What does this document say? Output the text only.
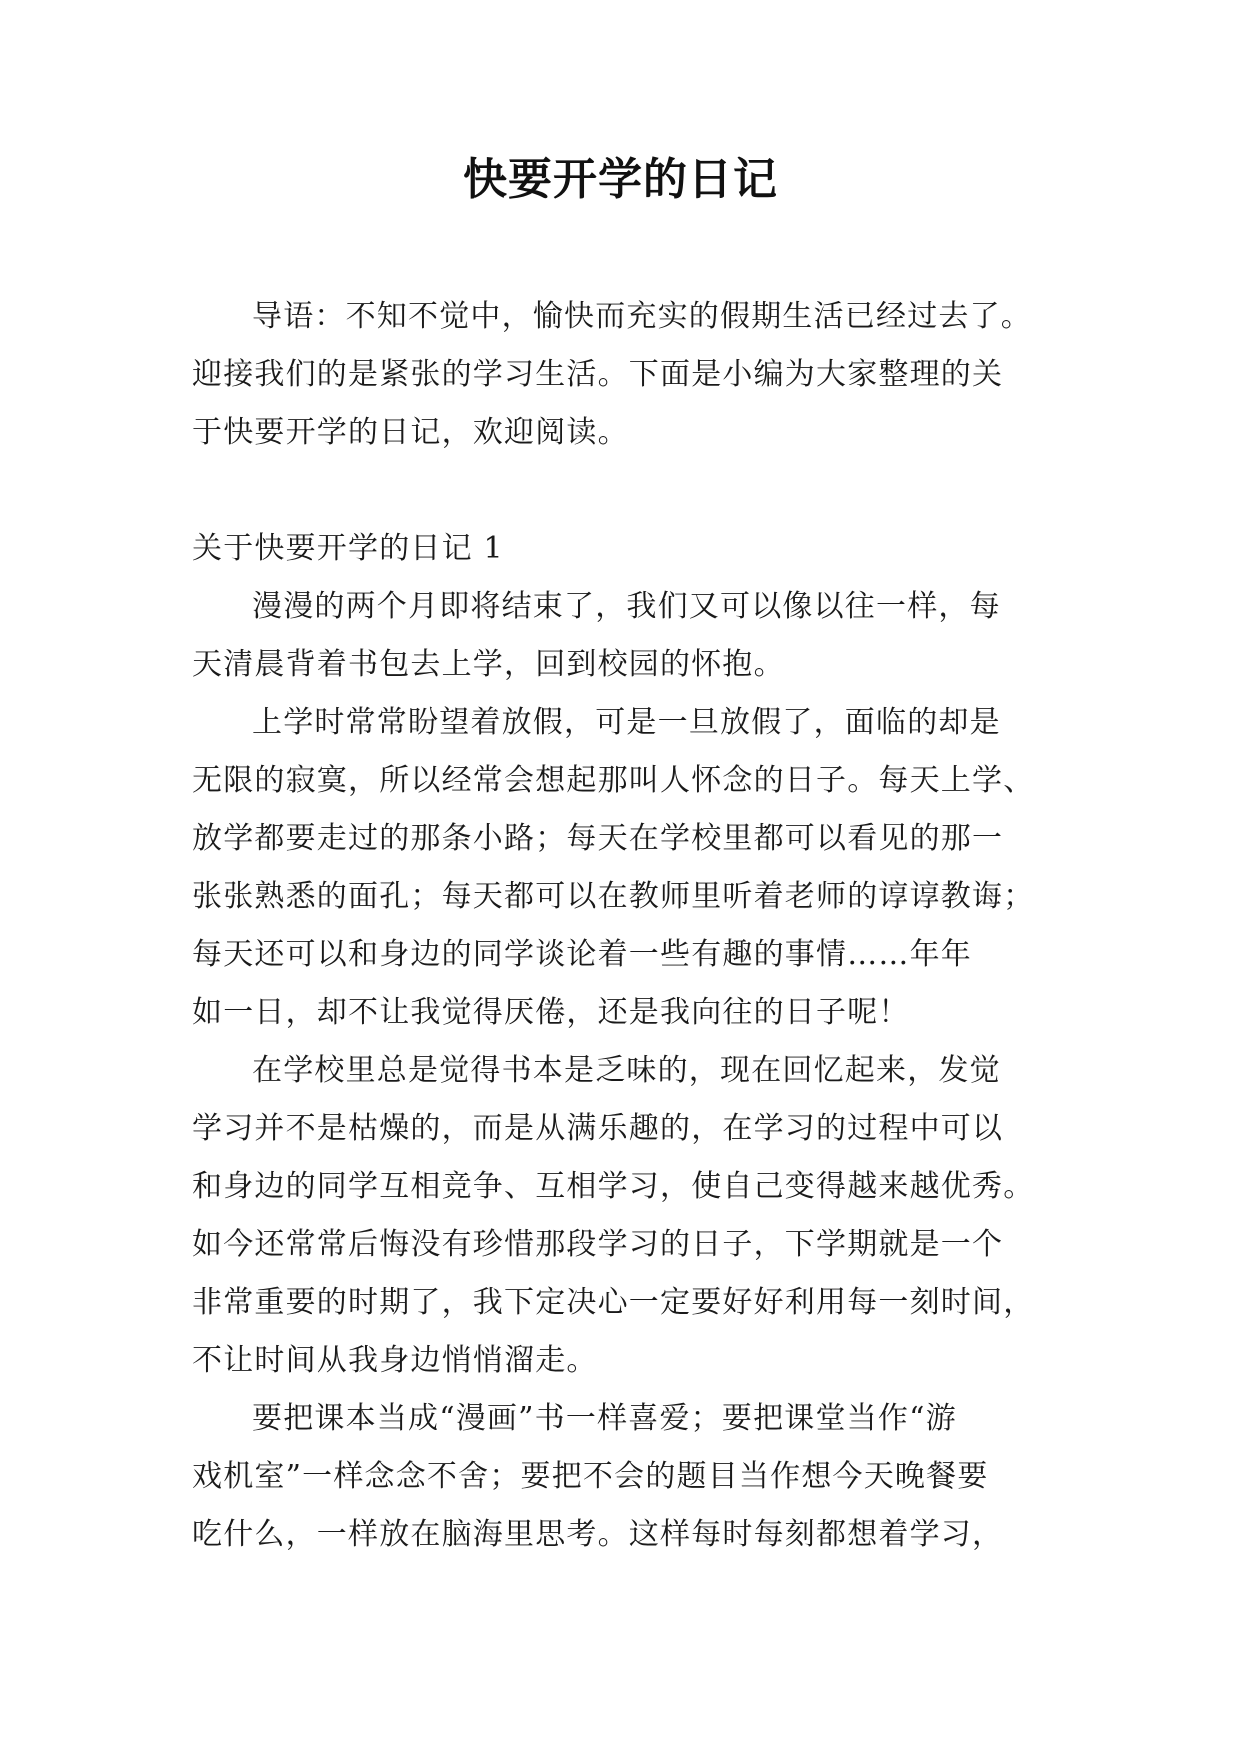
快要开学的日记

导语：不知不觉中，愉快而充实的假期生活已经过去了。
迎接我们的是紧张的学习生活。下面是小编为大家整理的关
于快要开学的日记，欢迎阅读。

关于快要开学的日记 1

漫漫的两个月即将结束了，我们又可以像以往一样，每
天清晨背着书包去上学，回到校园的怀抱。

上学时常常盼望着放假，可是一旦放假了，面临的却是
无限的寂寞，所以经常会想起那叫人怀念的日子。每天上学、
放学都要走过的那条小路；每天在学校里都可以看见的那一
张张熟悉的面孔；每天都可以在教师里听着老师的谆谆教诲；
每天还可以和身边的同学谈论着一些有趣的事情……年年
如一日，却不让我觉得厌倦，还是我向往的日子呢！

在学校里总是觉得书本是乏味的，现在回忆起来，发觉
学习并不是枯燥的，而是从满乐趣的，在学习的过程中可以
和身边的同学互相竞争、互相学习，使自己变得越来越优秀。
如今还常常后悔没有珍惜那段学习的日子，下学期就是一个
非常重要的时期了，我下定决心一定要好好利用每一刻时间，
不让时间从我身边悄悄溜走。

要把课本当成“漫画”书一样喜爱；要把课堂当作“游
戏机室”一样念念不舍；要把不会的题目当作想今天晚餐要
吃什么，一样放在脑海里思考。这样每时每刻都想着学习，
